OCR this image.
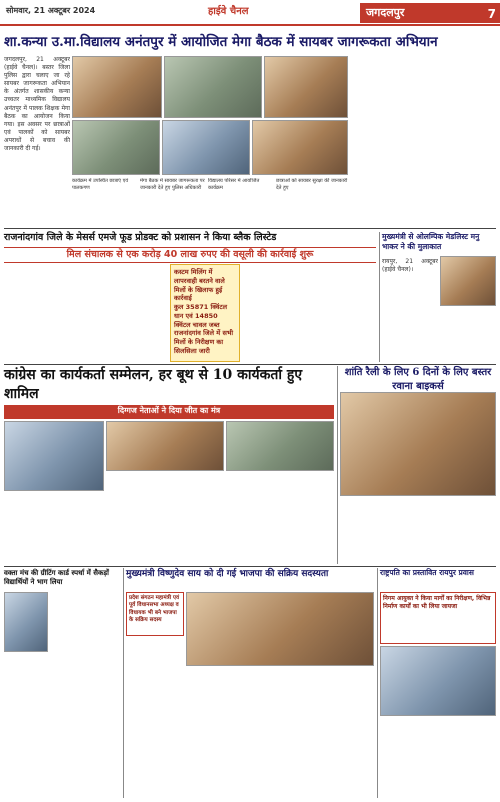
सोमवार, 21 अक्टूबर 2024	हाईवे चैनल	जगदलपुर	7
शा.कन्या उ.मा.विद्यालय अनंतपुर में आयोजित मेगा बैठक में सायबर जागरूकता अभियान
जगदलपुर, 21 अक्टूबर (हाईवे चैनल)। बस्तर जिला पुलिस द्वारा चलाए जा रहे सायबर जागरूकता अभियान के अंतर्गत शासकीय कन्या उच्चतर माध्यमिक विद्यालय अनंतपुर में पालक शिक्षक मेगा बैठक का आयोजन किया गया। इस अवसर पर छात्राओं एवं पालकों को सायबर अपराधों से बचाव की जानकारी दी गई।
कार्यक्रम में उपस्थित छात्राएं एवं पालकगण
मेगा बैठक में सायबर जागरूकता पर जानकारी देते हुए पुलिस अधिकारी
विद्यालय परिसर में आयोजित कार्यक्रम
छात्राओं को सायबर सुरक्षा की जानकारी देते हुए
राजनांदगांव जिले के मेसर्स एमजे फूड प्रोडक्ट को प्रशासन ने किया ब्लैक लिस्टेड
मिल संचालक से एक करोड़ 40 लाख रुपए की वसूली की कार्रवाई शुरू
कस्टम मिलिंग में लापरवाही बरतने वाले मिलों के खिलाफ हुई कार्रवाई
कुल 35871 क्विंटल धान एवं 14850 क्विंटल चावल जब्त
राजनांदगांव जिले में सभी मिलों के निरीक्षण का सिलसिला जारी
मुख्यमंत्री से ओलम्पिक मेडलिस्ट मनु भाकर ने की मुलाकात
रायपुर, 21 अक्टूबर (हाईवे चैनल)।
कांग्रेस का कार्यकर्ता सम्मेलन, हर बूथ से 10 कार्यकर्ता हुए शामिल
दिग्गज नेताओं ने दिया जीत का मंत्र
शांति रैली के लिए 6 दिनों के लिए बस्तर रवाना बाइकर्स
वक्ता मंच की ग्रीटिंग कार्ड स्पर्धा में सैकड़ों विद्यार्थियों ने भाग लिया
मुख्यमंत्री विष्णुदेव साय को दी गई भाजपा की सक्रिय सदस्यता
प्रदेश संगठन महामंत्री एवं पूर्व विधानसभा अध्यक्ष व विधायक भी बने भाजपा के सक्रिय सदस्य
राष्ट्रपति का प्रस्तावित रायपुर प्रवास
निगम आयुक्त ने किया मार्गों का निरीक्षण, विभिन्न निर्माण कार्यों का भी लिया जायजा
